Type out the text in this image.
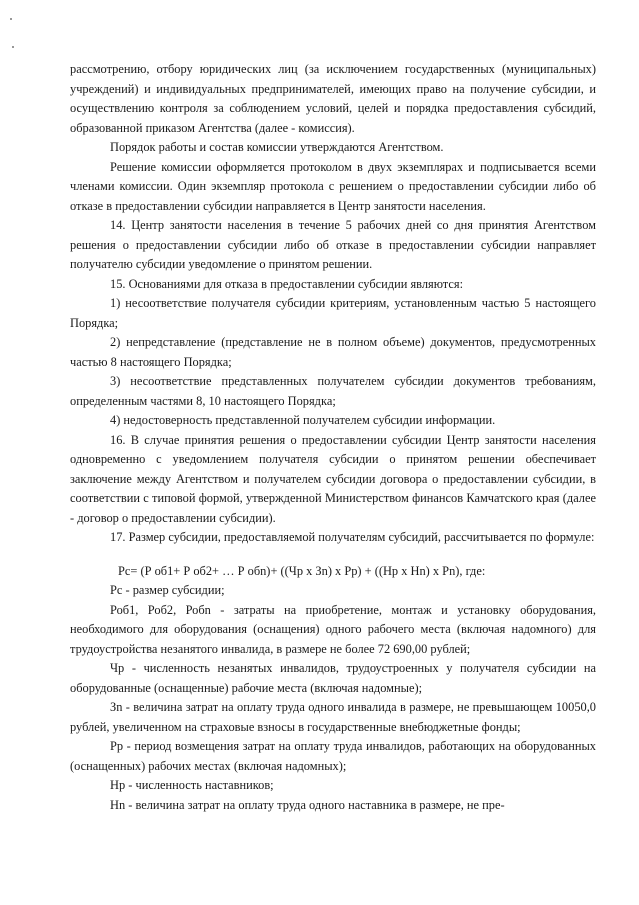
рассмотрению, отбору юридических лиц (за исключением государственных (муниципальных) учреждений) и индивидуальных предпринимателей, имеющих право на получение субсидии, и осуществлению контроля за соблюдением условий, целей и порядка предоставления субсидий, образованной приказом Агентства (далее - комиссия).

Порядок работы и состав комиссии утверждаются Агентством.

Решение комиссии оформляется протоколом в двух экземплярах и подписывается всеми членами комиссии. Один экземпляр протокола с решением о предоставлении субсидии либо об отказе в предоставлении субсидии направляется в Центр занятости населения.

14. Центр занятости населения в течение 5 рабочих дней со дня принятия Агентством решения о предоставлении субсидии либо об отказе в предоставлении субсидии направляет получателю субсидии уведомление о принятом решении.

15. Основаниями для отказа в предоставлении субсидии являются:

1) несоответствие получателя субсидии критериям, установленным частью 5 настоящего Порядка;

2) непредставление (представление не в полном объеме) документов, предусмотренных частью 8 настоящего Порядка;

3) несоответствие представленных получателем субсидии документов требованиям, определенным частями 8, 10 настоящего Порядка;

4) недостоверность представленной получателем субсидии информации.

16. В случае принятия решения о предоставлении субсидии Центр занятости населения одновременно с уведомлением получателя субсидии о принятом решении обеспечивает заключение между Агентством и получателем субсидии договора о предоставлении субсидии, в соответствии с типовой формой, утвержденной Министерством финансов Камчатского края (далее - договор о предоставлении субсидии).

17. Размер субсидии, предоставляемой получателям субсидий, рассчитывается по формуле:

Рс= (Р об1+ Р об2+ … Р обn)+ ((Чр x Зn) x Рр) + ((Нр x Нn) x Рn), где:

Рс - размер субсидии;

Роб1, Роб2, Робn - затраты на приобретение, монтаж и установку оборудования, необходимого для оборудования (оснащения) одного рабочего места (включая надомного) для трудоустройства незанятого инвалида, в размере не более 72 690,00 рублей;

Чр - численность незанятых инвалидов, трудоустроенных у получателя субсидии на оборудованные (оснащенные) рабочие места (включая надомные);

Зn - величина затрат на оплату труда одного инвалида в размере, не превышающем 10050,0 рублей, увеличенном на страховые взносы в государственные внебюджетные фонды;

Рр - период возмещения затрат на оплату труда инвалидов, работающих на оборудованных (оснащенных) рабочих местах (включая надомных);

Нр - численность наставников;

Нn - величина затрат на оплату труда одного наставника в размере, не пре-
